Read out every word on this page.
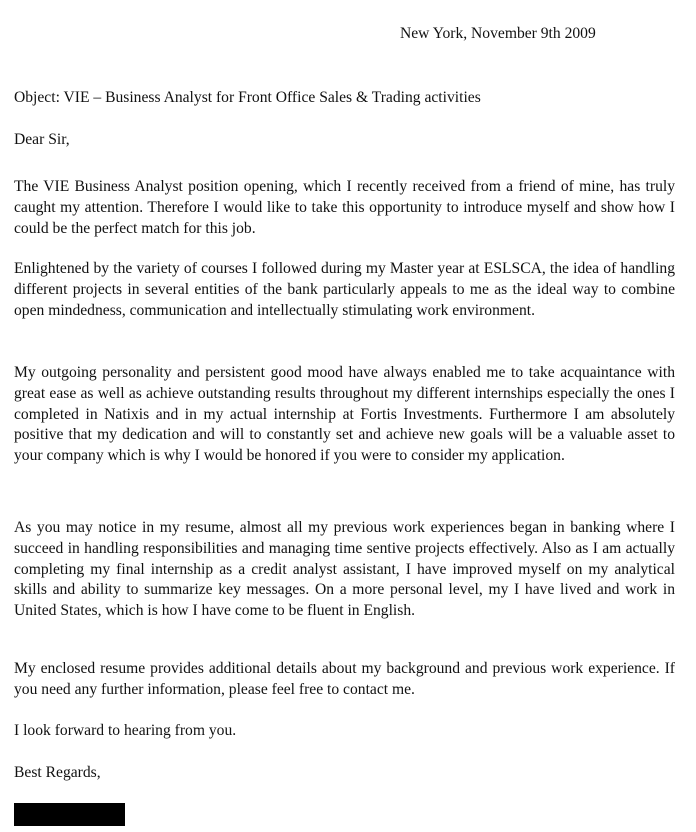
New York, November 9th 2009
Object: VIE – Business Analyst for Front Office Sales & Trading activities
Dear Sir,
The VIE Business Analyst position opening, which I recently received from a friend of mine, has truly caught my attention. Therefore I would like to take this opportunity to introduce myself and show how I could be the perfect match for this job.
Enlightened by the variety of courses I followed during my Master year at ESLSCA, the idea of handling different projects in several entities of the bank particularly appeals to me as the ideal way to combine open mindedness, communication and intellectually stimulating work environment.
My outgoing personality and persistent good mood have always enabled me to take acquaintance with great ease as well as achieve outstanding results throughout my different internships especially the ones I completed in Natixis and in my actual internship at Fortis Investments. Furthermore I am absolutely positive that my dedication and will to constantly set and achieve new goals will be a valuable asset to your company which is why I would be honored if you were to consider my application.
As you may notice in my resume, almost all my previous work experiences began in banking where I succeed in handling responsibilities and managing time sentive projects effectively. Also as I am actually completing my final internship as a credit analyst assistant, I have improved myself on my analytical skills and ability to summarize key messages. On a more personal level, my I have lived and work in United States, which is how I have come to be fluent in English.
My enclosed resume provides additional details about my background and previous work experience. If you need any further information, please feel free to contact me.
I look forward to hearing from you.
Best Regards,
